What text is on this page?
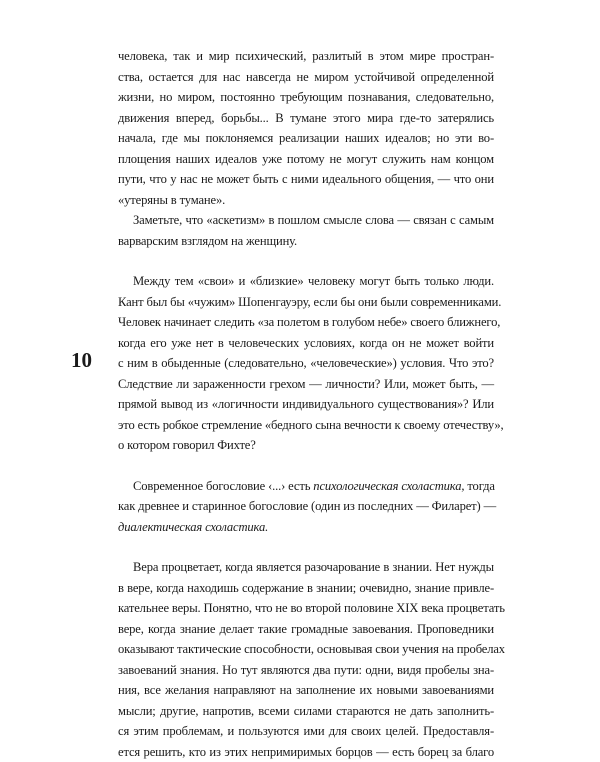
10

человека, так и мир психический, разлитый в этом мире простран-
ства, остается для нас навсегда не миром устойчивой определенной
жизни, но миром, постоянно требующим познавания, следовательно,
движения вперед, борьбы... В тумане этого мира где-то затерялись
начала, где мы поклоняемся реализации наших идеалов; но эти во-
площения наших идеалов уже потому не могут служить нам концом
пути, что у нас не может быть с ними идеального общения, — что они
«утеряны в тумане».

Заметьте, что «аскетизм» в пошлом смысле слова — связан с самым
варварским взглядом на женщину.

Между тем «свои» и «близкие» человеку могут быть только люди.
Кант был бы «чужим» Шопенгауэру, если бы они были современниками.
Человек начинает следить «за полетом в голубом небе» своего ближнего,
когда его уже нет в человеческих условиях, когда он не может войти
с ним в обыденные (следовательно, «человеческие») условия. Что это?
Следствие ли зараженности грехом — личности? Или, может быть, —
прямой вывод из «логичности индивидуального существования»? Или
это есть робкое стремление «бедного сына вечности к своему отечеству»,
о котором говорил Фихте?

Современное богословие ‹...› есть психологическая схоластика, тогда
как древнее и старинное богословие (один из последних — Филарет) —
диалектическая схоластика.

Вера процветает, когда является разочарование в знании. Нет нужды
в вере, когда находишь содержание в знании; очевидно, знание привле-
кательнее веры. Понятно, что не во второй половине XIX века процветать
вере, когда знание делает такие громадные завоевания. Проповедники
оказывают тактические способности, основывая свои учения на пробелах
завоеваний знания. Но тут являются два пути: одни, видя пробелы зна-
ния, все желания направляют на заполнение их новыми завоеваниями
мысли; другие, напротив, всеми силами стараются не дать заполнить-
ся этим проблемам, и пользуются ими для своих целей. Предоставля-
ется решить, кто из этих непримиримых борцов — есть борец за благо
